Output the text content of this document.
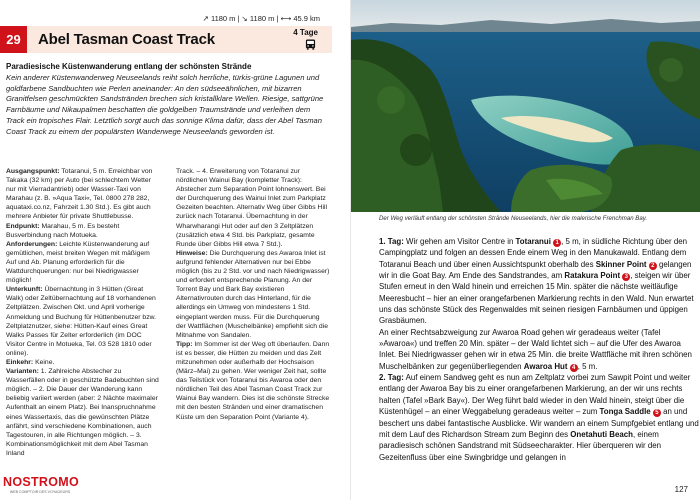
↗ 1180 m | ↘ 1180 m | ⟷ 45.9 km
29	Abel Tasman Coast Track	4 Tage
Paradiesische Küstenwanderung entlang der schönsten Strände
Kein anderer Küstenwanderweg Neuseelands reiht solch herrliche, türkis-grüne Lagunen und goldfarbene Sandbuchten wie Perlen aneinander: An den südseeähnlichen, mit bizarren Granitfelsen geschmückten Sandstränden brechen sich kristallklare Wellen. Riesige, sattgrüne Farnbäume und Nikaupalmen beschatten die goldgelben Traumstrände und verleihen dem Track ein tropisches Flair. Letztlich sorgt auch das sonnige Klima dafür, dass der Abel Tasman Coast Track zu einem der populärsten Wanderwege Neuseelands geworden ist.

Ausgangspunkt: Totaranui, 5 m. Erreichbar von Takaka (32 km) per Auto (bei schlechtem Wetter nur mit Vierradantrieb) oder Wasser-Taxi von Marahau (z. B. »Aqua Taxi«, Tel. 0800 278 282, aquataxi.co.nz, Fahrzeit 1.30 Std.). Es gibt auch mehrere Anbieter für private Shuttlebusse.

Endpunkt: Marahau, 5 m. Es besteht Busverbindung nach Motueka.

Anforderungen: Leichte Küstenwanderung auf gemütlichen, meist breiten Wegen mit mäßigem Auf und Ab. Planung erforderlich für die Wattdurchquerungen: nur bei Niedrigwasser möglich!

Unterkunft: Übernachtung in 3 Hütten (Great Walk) oder Zeltübernachtung auf 18 vorhandenen Zeltplätzen. Zwischen Okt. und April vorherige Anmeldung und Buchung für Hüttenbenutzer bzw. Zeltplatznutzer, siehe: Hütten-Kauf eines Great Walks Passes für Zelter erforderlich (im DOC Visitor Centre in Motueka, Tel. 03 528 1810 oder online).

Einkehr: Keine.

Varianten: 1. Zahlreiche Abstecher zu Wasserfällen oder in geschützte Badebuchten sind möglich. – 2. Die Dauer der Wanderung kann beliebig variiert werden (aber: 2 Nächte maximaler Aufenthalt an einem Platz). Bei Inanspruchnahme eines Wassertaxis, das die gewünschten Plätze anfährt, sind verschiedene Kombinationen, auch Tagestouren, in alle Richtungen möglich. – 3. Kombinationsmöglichkeit mit dem Abel Tasman Inland

Track. – 4. Erweiterung von Totaranui zur nördlichen Wainui Bay (kompletter Track): Abstecher zum Separation Point lohnenswert. Bei der Durchquerung des Wainui Inlet zum Parkplatz Gezeiten beachten. Alternativ Weg über Gibbs Hill zurück nach Totaranui. Übernachtung in der Wharwharangi Hut oder auf den 3 Zeltplätzen (zusätzlich etwa 4 Std. bis Parkplatz, gesamte Runde über Gibbs Hill etwa 7 Std.).

Hinweise: Die Durchquerung des Awaroa Inlet ist aufgrund fehlender Alternativen nur bei Ebbe möglich (bis zu 2 Std. vor und nach Niedrigwasser) und erfordert entsprechende Planung. An der Torrent Bay und Bark Bay existieren Alternativrouten durch das Hinterland, für die allerdings ein Umweg von mindestens 1 Std. eingeplant werden muss. Für die Durchquerung der Wattflächen (Muschelbänke) empfiehlt sich die Mitnahme von Sandalen.

Tipp: Im Sommer ist der Weg oft überlaufen. Dann ist es besser, die Hütten zu meiden und das Zelt mitzunehmen oder außerhalb der Hochsaison (März–Mai) zu gehen. Wer weniger Zeit hat, sollte das Teilstück von Totaranui bis Awaroa oder den nördlichen Teil des Abel Tasman Coast Track zur Wainui Bay wandern. Dies ist die schönste Strecke mit den besten Stränden und einer dramatischen Küste um den Separation Point (Variante 4).

NOSTROMO
WEB COMPTOIR DES VOYAGEURS
Der Weg verläuft entlang der schönsten Strände Neuseelands, hier die malerische Frenchman Bay.

1. Tag: Wir gehen am Visitor Centre in Totaranui 1 , 5 m, in südliche Richtung über den Campingplatz und folgen an dessen Ende einem Weg in den Manukawald. Entlang dem Totaranui Beach und über einen Aussichtspunkt oberhalb des Skinner Point 2 gelangen wir in die Goat Bay. Am Ende des Sandstrandes, am Ratakura Point 3 , steigen wir über Stufen erneut in den Wald hinein und erreichen 15 Min. später die nächste weitläufige Meeresbucht – hier an einer orangefarbenen Markierung rechts in den Wald. Nun erwartet uns das schönste Stück des Regenwaldes mit seinen riesigen Farnbäumen und üppigen Grasbäumen.

An einer Rechtsabzweigung zur Awaroa Road gehen wir geradeaus weiter (Tafel »Awaroa«) und treffen 20 Min. später – der Wald lichtet sich – auf die Ufer des Awaroa Inlet. Bei Niedrigwasser gehen wir in etwa 25 Min. die breite Wattfläche mit ihren schönen Muschelbänken zur gegenüberliegenden Awaroa Hut 4 , 5 m.

2. Tag: Auf einem Sandweg geht es nun am Zeltplatz vorbei zum Sawpit Point und weiter entlang der Awaroa Bay bis zu einer orangefarbenen Markierung, an der wir uns rechts halten (Tafel »Bark Bay«). Der Weg führt bald wieder in den Wald hinein, steigt über die Küstenhügel – an einer Weggabelung geradeaus weiter – zum Tonga Saddle 5 an und beschert uns dabei fantastische Ausblicke. Wir wandern an einem Sumpfgebiet entlang und mit dem Lauf des Richardson Stream zum Beginn des Onetahuti Beach, einem paradiesisch schönen Sandstrand mit Südseecharakter. Hier überqueren wir den Gezeitenfluss über eine Swingbridge und gelangen in

127
